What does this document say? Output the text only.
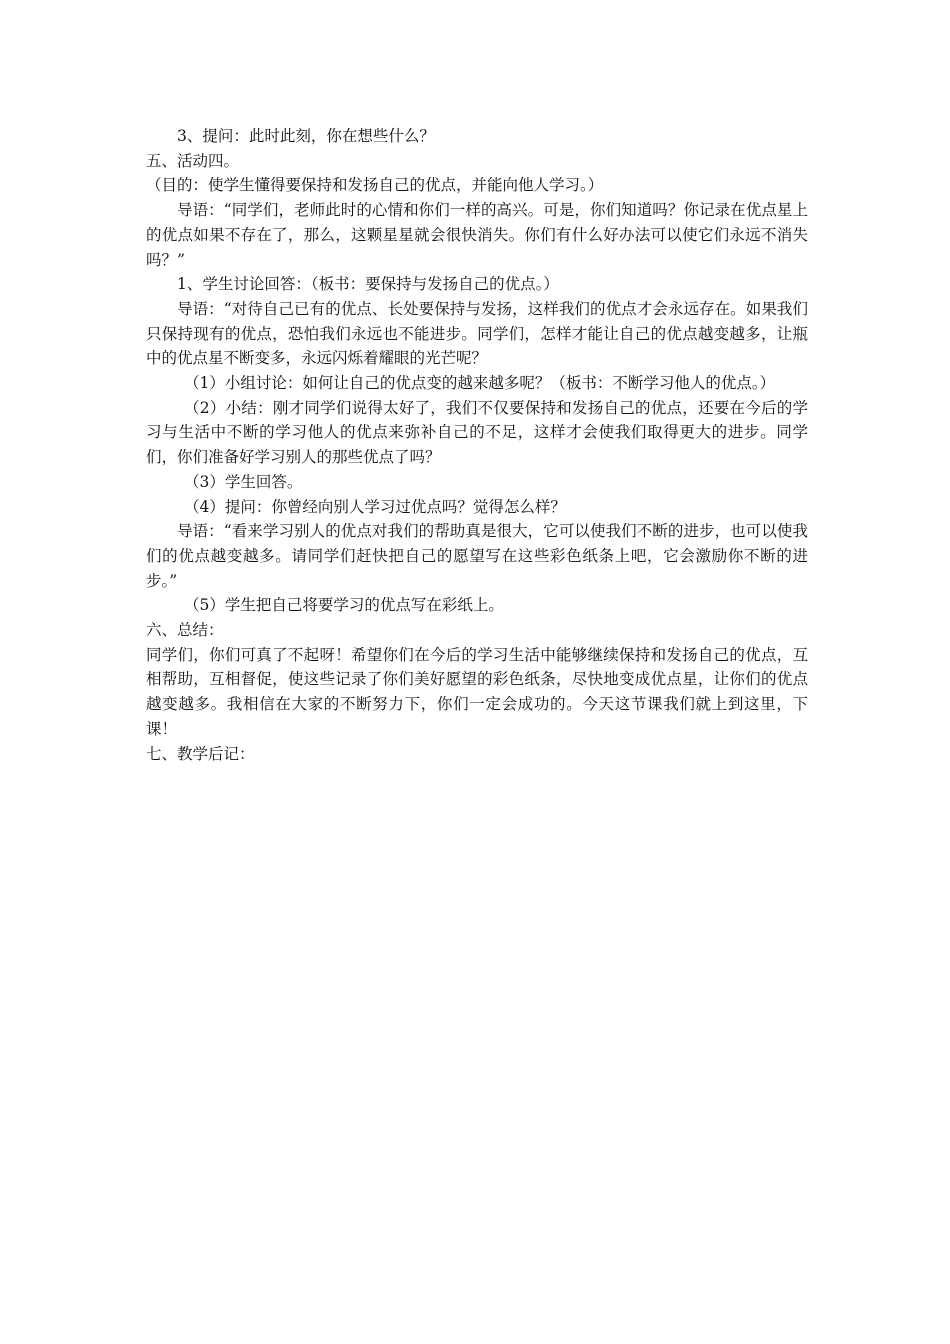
3、提问：此时此刻，你在想些什么？

五、活动四。

（目的：使学生懂得要保持和发扬自己的优点，并能向他人学习。）

导语：“同学们，老师此时的心情和你们一样的高兴。可是，你们知道吗？你记录在优点星上的优点如果不存在了，那么，这颗星星就会很快消失。你们有什么好办法可以使它们永远不消失吗？”

1、学生讨论回答：（板书：要保持与发扬自己的优点。）

导语：“对待自己已有的优点、长处要保持与发扬，这样我们的优点才会永远存在。如果我们只保持现有的优点，恐怕我们永远也不能进步。同学们，怎样才能让自己的优点越变越多，让瓶中的优点星不断变多，永远闪烁着耀眼的光芒呢？

（1）小组讨论：如何让自己的优点变的越来越多呢？（板书：不断学习他人的优点。）

（2）小结：刚才同学们说得太好了，我们不仅要保持和发扬自己的优点，还要在今后的学习与生活中不断的学习他人的优点来弥补自己的不足，这样才会使我们取得更大的进步。同学们，你们准备好学习别人的那些优点了吗？

（3）学生回答。

（4）提问：你曾经向别人学习过优点吗？觉得怎么样？

导语：“看来学习别人的优点对我们的帮助真是很大，它可以使我们不断的进步，也可以使我们的优点越变越多。请同学们赶快把自己的愿望写在这些彩色纸条上吧，它会激励你不断的进步。”

（5）学生把自己将要学习的优点写在彩纸上。

六、总结：

同学们，你们可真了不起呀！希望你们在今后的学习生活中能够继续保持和发扬自己的优点，互相帮助，互相督促，使这些记录了你们美好愿望的彩色纸条，尽快地变成优点星，让你们的优点越变越多。我相信在大家的不断努力下，你们一定会成功的。今天这节课我们就上到这里，下课！

七、教学后记：
